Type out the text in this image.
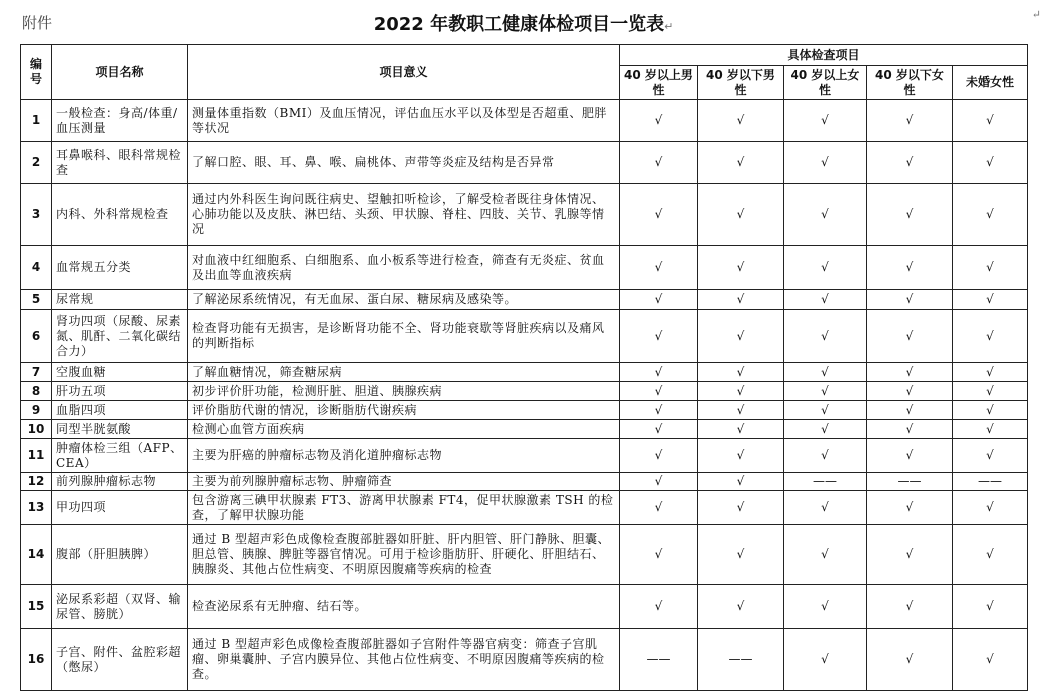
附件	2022 年教职工健康体检项目一览表↵
↵
编号	项目名称	项目意义	具体检查项目				
			40 岁以上男 性	40 岁以下男 性	40 岁以上女 性	40 岁以下女 性	未婚女性
1	一般检查：身高/体重/血压测量	测量体重指数（BMI）及血压情况，评估血压水平以及体型是否超重、肥胖等状况	√	√	√	√	√
2	耳鼻喉科、眼科常规检查	了解口腔、眼、耳、鼻、喉、扁桃体、声带等炎症及结构是否异常	√	√	√	√	√
3	内科、外科常规检查	通过内外科医生询问既往病史、望触扣听检诊，了解受检者既往身体情况、心肺功能以及皮肤、淋巴结、头颈、甲状腺、脊柱、四肢、关节、乳腺等情况	√	√	√	√	√
4	血常规五分类	对血液中红细胞系、白细胞系、血小板系等进行检查，筛查有无炎症、贫血及出血等血液疾病	√	√	√	√	√
5	尿常规	了解泌尿系统情况，有无血尿、蛋白尿、糖尿病及感染等。	√	√	√	√	√
6	肾功四项（尿酸、尿素氮、肌酐、二氧化碳结合力）	检查肾功能有无损害，是诊断肾功能不全、肾功能衰歇等肾脏疾病以及痛风的判断指标	√	√	√	√	√
7	空腹血糖	了解血糖情况，筛查糖尿病	√	√	√	√	√
8	肝功五项	初步评价肝功能，检测肝脏、胆道、胰腺疾病	√	√	√	√	√
9	血脂四项	评价脂肪代谢的情况，诊断脂肪代谢疾病	√	√	√	√	√
10	同型半胱氨酸	检测心血管方面疾病	√	√	√	√	√
11	肿瘤体检三组（AFP、CEA）	主要为肝癌的肿瘤标志物及消化道肿瘤标志物	√	√	√	√	√
12	前列腺肿瘤标志物	主要为前列腺肿瘤标志物、肿瘤筛查	√	√	——	——	——
13	甲功四项	包含游离三碘甲状腺素 FT3、游离甲状腺素 FT4，促甲状腺激素 TSH 的检查，了解甲状腺功能	√	√	√	√	√
14	腹部（肝胆胰脾）	通过 B 型超声彩色成像检查腹部脏器如肝脏、肝内胆管、肝门静脉、胆囊、胆总管、胰腺、脾脏等器官情况。可用于检诊脂肪肝、肝硬化、肝胆结石、胰腺炎、其他占位性病变、不明原因腹痛等疾病的检查	√	√	√	√	√
15	泌尿系彩超（双肾、输尿管、膀胱）	检查泌尿系有无肿瘤、结石等。	√	√	√	√	√
16	子宫、附件、盆腔彩超（憋尿）	通过 B 型超声彩色成像检查腹部脏器如子宫附件等器官病变：筛查子宫肌瘤、卵巢囊肿、子宫内膜异位、其他占位性病变、不明原因腹痛等疾病的检查。	——	——	√	√	√
